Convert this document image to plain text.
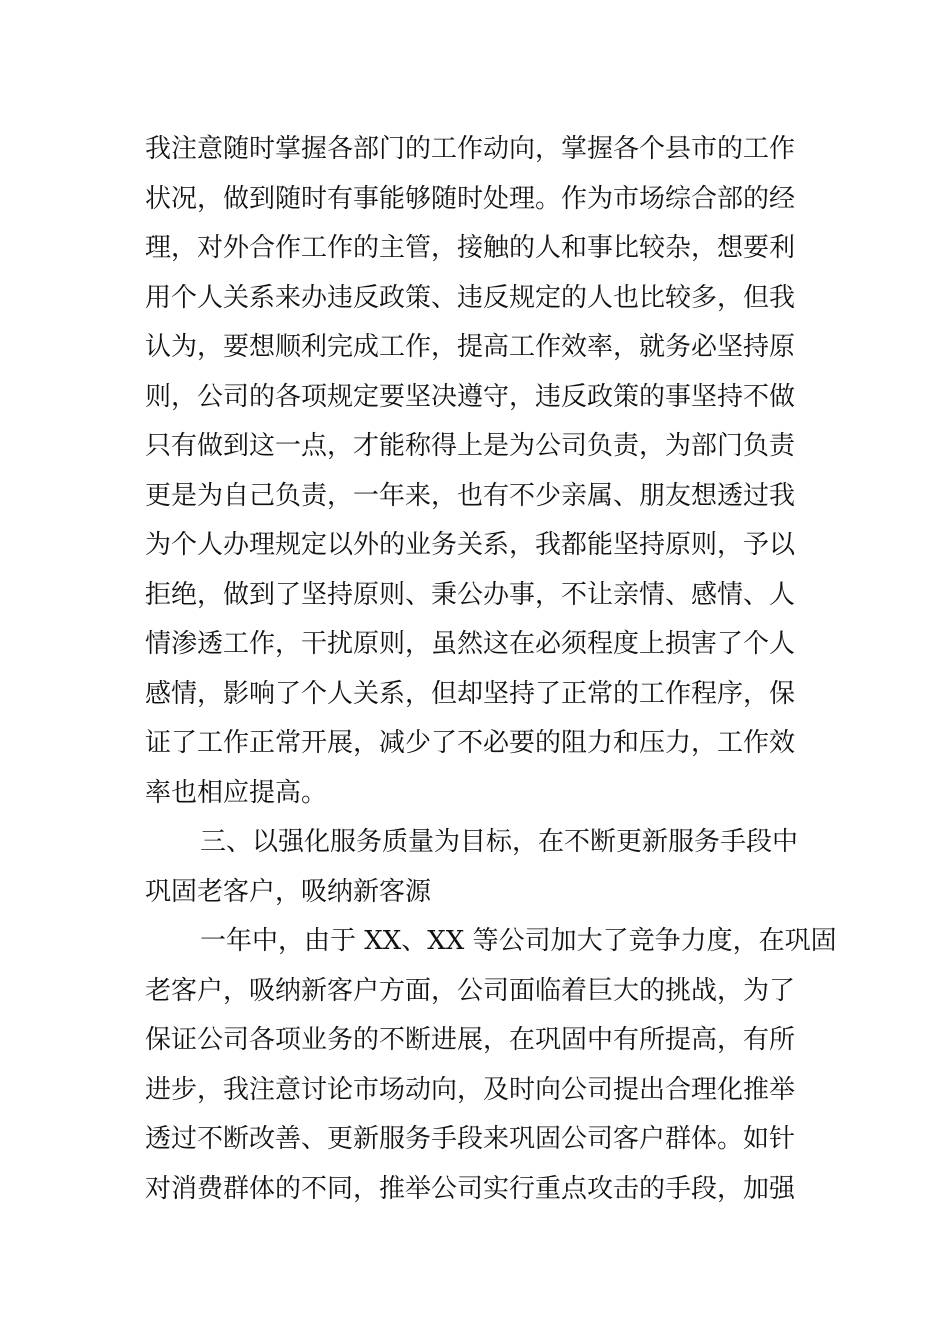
我注意随时掌握各部门的工作动向，掌握各个县市的工作
状况，做到随时有事能够随时处理。作为市场综合部的经
理，对外合作工作的主管，接触的人和事比较杂，想要利
用个人关系来办违反政策、违反规定的人也比较多，但我
认为，要想顺利完成工作，提高工作效率，就务必坚持原
则，公司的各项规定要坚决遵守，违反政策的事坚持不做
只有做到这一点，才能称得上是为公司负责，为部门负责
更是为自己负责，一年来，也有不少亲属、朋友想透过我
为个人办理规定以外的业务关系，我都能坚持原则，予以
拒绝，做到了坚持原则、秉公办事，不让亲情、感情、人
情渗透工作，干扰原则，虽然这在必须程度上损害了个人
感情，影响了个人关系，但却坚持了正常的工作程序，保
证了工作正常开展，减少了不必要的阻力和压力，工作效
率也相应提高。
三、以强化服务质量为目标，在不断更新服务手段中
巩固老客户，吸纳新客源
一年中，由于 XX、XX 等公司加大了竞争力度，在巩固
老客户，吸纳新客户方面，公司面临着巨大的挑战，为了
保证公司各项业务的不断进展，在巩固中有所提高，有所
进步，我注意讨论市场动向，及时向公司提出合理化推举
透过不断改善、更新服务手段来巩固公司客户群体。如针
对消费群体的不同，推举公司实行重点攻击的手段，加强
